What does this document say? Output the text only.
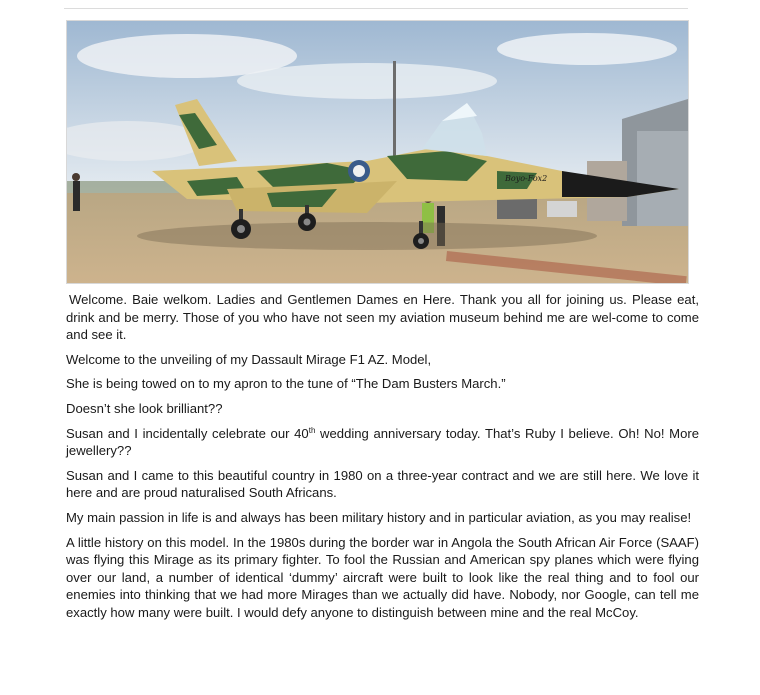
Boyo-Fox2

Welcome. Baie welkom. Ladies and Gentlemen Dames en Here. Thank you all for joining us. Please eat, drink and be merry. Those of you who have not seen my aviation museum behind me are wel-come to come and see it.

Welcome to the unveiling of my Dassault Mirage F1 AZ. Model,

She is being towed on to my apron to the tune of “The Dam Busters March.”

Doesn’t she look brilliant??

Susan and I incidentally celebrate our 40th wedding anniversary today. That’s Ruby I believe. Oh! No! More jewellery??

Susan and I came to this beautiful country in 1980 on a three-year contract and we are still here. We love it here and are proud naturalised South Africans.

My main passion in life is and always has been military history and in particular aviation, as you may realise!

A little history on this model. In the 1980s during the border war in Angola the South African Air Force (SAAF) was flying this Mirage as its primary fighter. To fool the Russian and American spy planes which were flying over our land, a number of identical ‘dummy’ aircraft were built to look like the real thing and to fool our enemies into thinking that we had more Mirages than we actually did have. Nobody, nor Google, can tell me exactly how many were built. I would defy anyone to distinguish between mine and the real McCoy.
